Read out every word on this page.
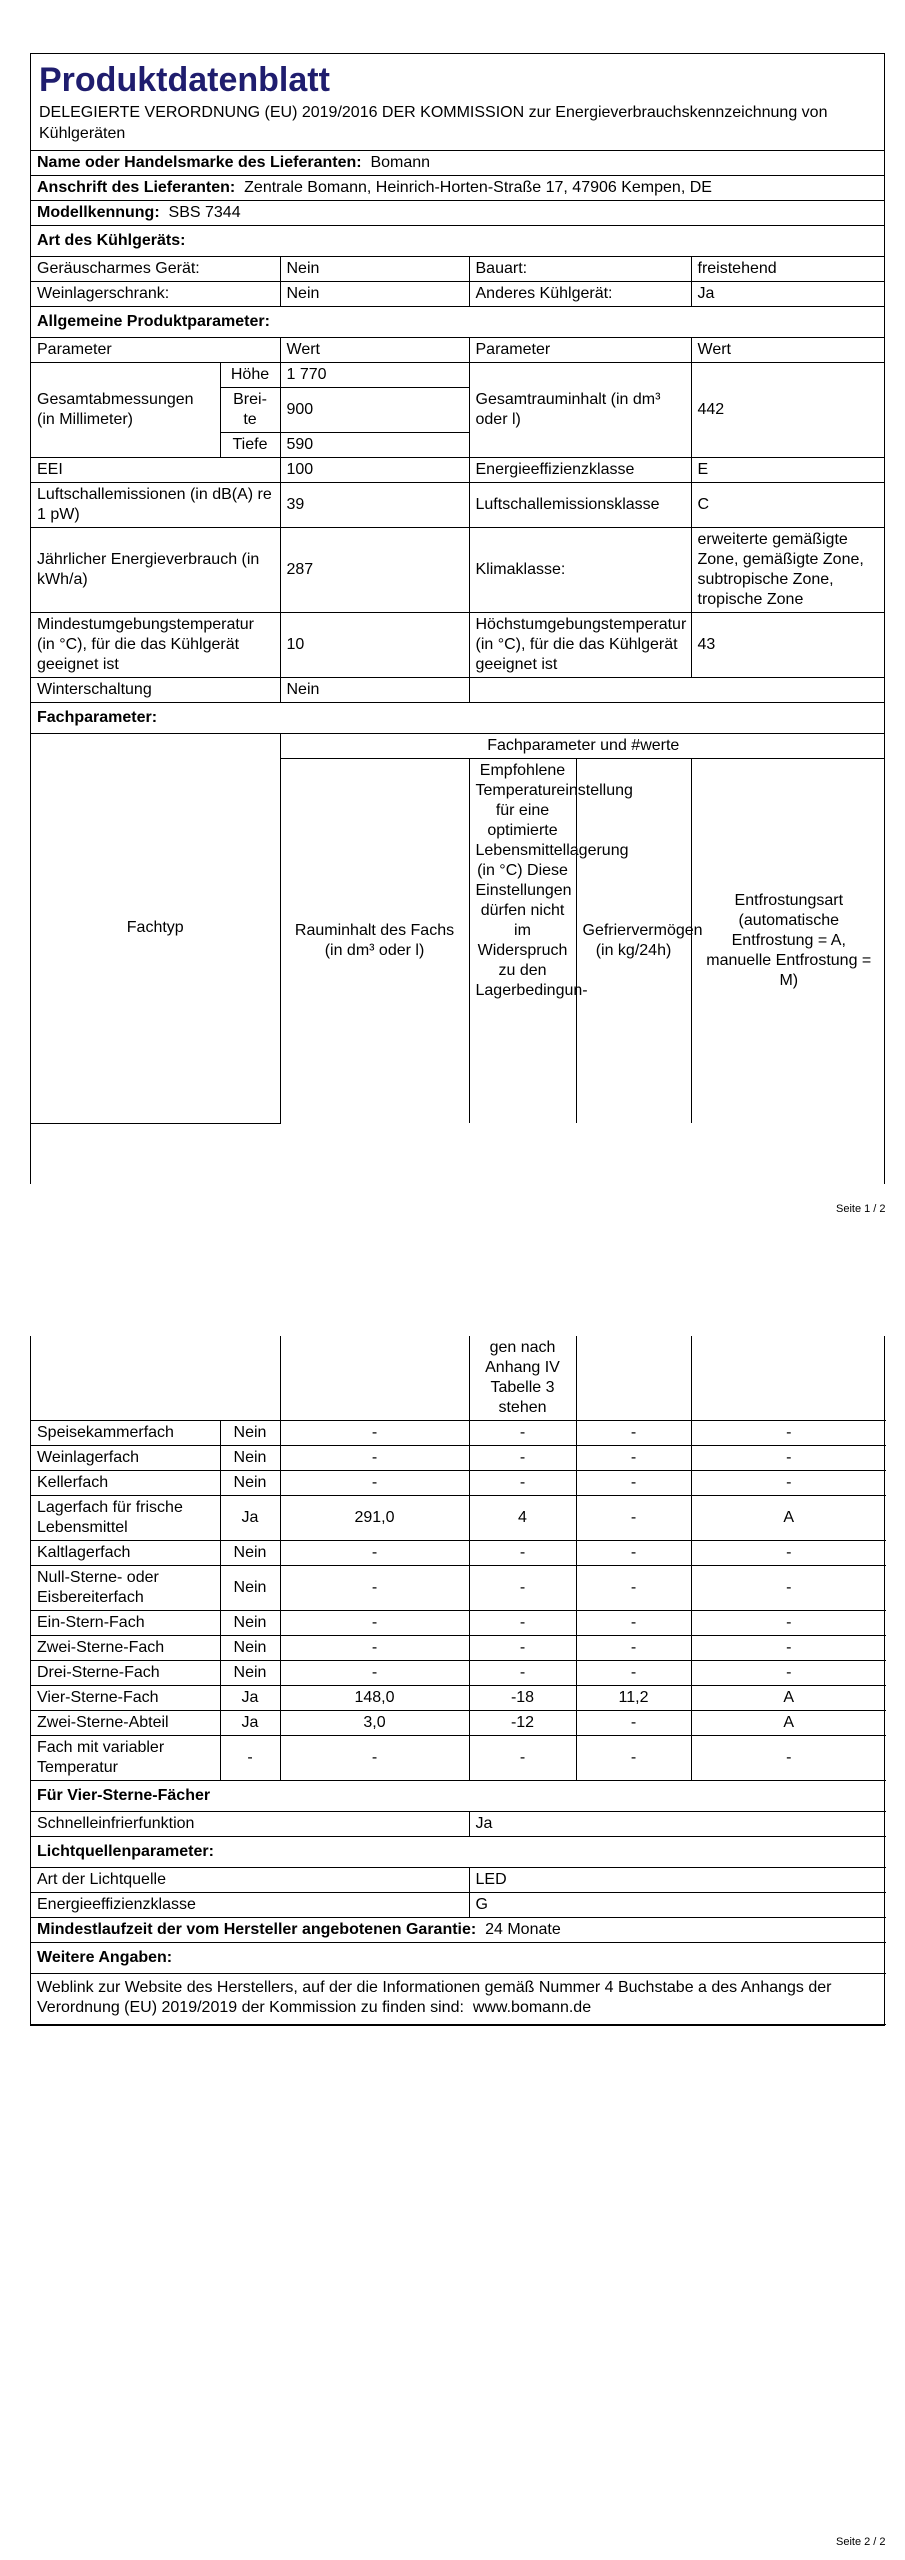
Produktdatenblatt
DELEGIERTE VERORDNUNG (EU) 2019/2016 DER KOMMISSION zur Energieverbrauchskennzeichnung von Kühlgeräten
Name oder Handelsmarke des Lieferanten: Bomann
Anschrift des Lieferanten: Zentrale Bomann, Heinrich-Horten-Straße 17, 47906 Kempen, DE
Modellkennung: SBS 7344
Art des Kühlgeräts:
Geräuscharmes Gerät:	Nein	Bauart:	freistehend
Weinlagerschrank:	Nein	Anderes Kühlgerät:	Ja
Allgemeine Produktparameter:				
Parameter		Wert	Parameter	Wert
Gesamtabmessungen (in Millimeter)	Höhe	1 770	Gesamtrauminhalt (in dm³ oder l)	442
	Brei-te	900		
	Tiefe	590		
EEI		100	Energieeffizienzklasse	E
Luftschallemissionen (in dB(A) re 1 pW)		39	Luftschallemissionsklasse	C
Jährlicher Energieverbrauch (in kWh/a)		287	Klimaklasse:	erweiterte gemäßigte Zone, gemäßigte Zone, subtropische Zone, tropische Zone
Mindestumgebungstemperatur (in °C), für die das Kühlgerät geeignet ist		10	Höchstumgebungstemperatur (in °C), für die das Kühlgerät geeignet ist	43
Winterschaltung		Nein		
Fachparameter:				
Fachtyp	Fachparameter und #werte			
	Rauminhalt des Fachs (in dm³ oder l)	Empfohlene Temperatureinstellung für eine optimierte Lebensmittellagerung (in °C) Diese Einstellungen dürfen nicht im Widerspruch zu den Lagerbedingun-	Gefriervermögen (in kg/24h)	Entfrostungsart (automatische Entfrostung = A, manuelle Entfrostung = M)
Seite 1 / 2
			gen nach Anhang IV Tabelle 3 stehen		
Speisekammerfach	Nein	-	-	-	-
Weinlagerfach	Nein	-	-	-	-
Kellerfach	Nein	-	-	-	-
Lagerfach für frische Lebensmittel	Ja	291,0	4	-	A
Kaltlagerfach	Nein	-	-	-	-
Null-Sterne- oder Eisbereiterfach	Nein	-	-	-	-
Ein-Stern-Fach	Nein	-	-	-	-
Zwei-Sterne-Fach	Nein	-	-	-	-
Drei-Sterne-Fach	Nein	-	-	-	-
Vier-Sterne-Fach	Ja	148,0	-18	11,2	A
Zwei-Sterne-Abteil	Ja	3,0	-12	-	A
Fach mit variabler Temperatur	-	-	-	-	-
Für Vier-Sterne-Fächer	
Schnelleinfrierfunktion	Ja
Lichtquellenparameter:	
Art der Lichtquelle	LED
Energieeffizienzklasse	G
Mindestlaufzeit der vom Hersteller angebotenen Garantie: 24 Monate	
Weitere Angaben:	
Weblink zur Website des Herstellers, auf der die Informationen gemäß Nummer 4 Buchstabe a des Anhangs der Verordnung (EU) 2019/2019 der Kommission zu finden sind: www.bomann.de	
Seite 2 / 2
